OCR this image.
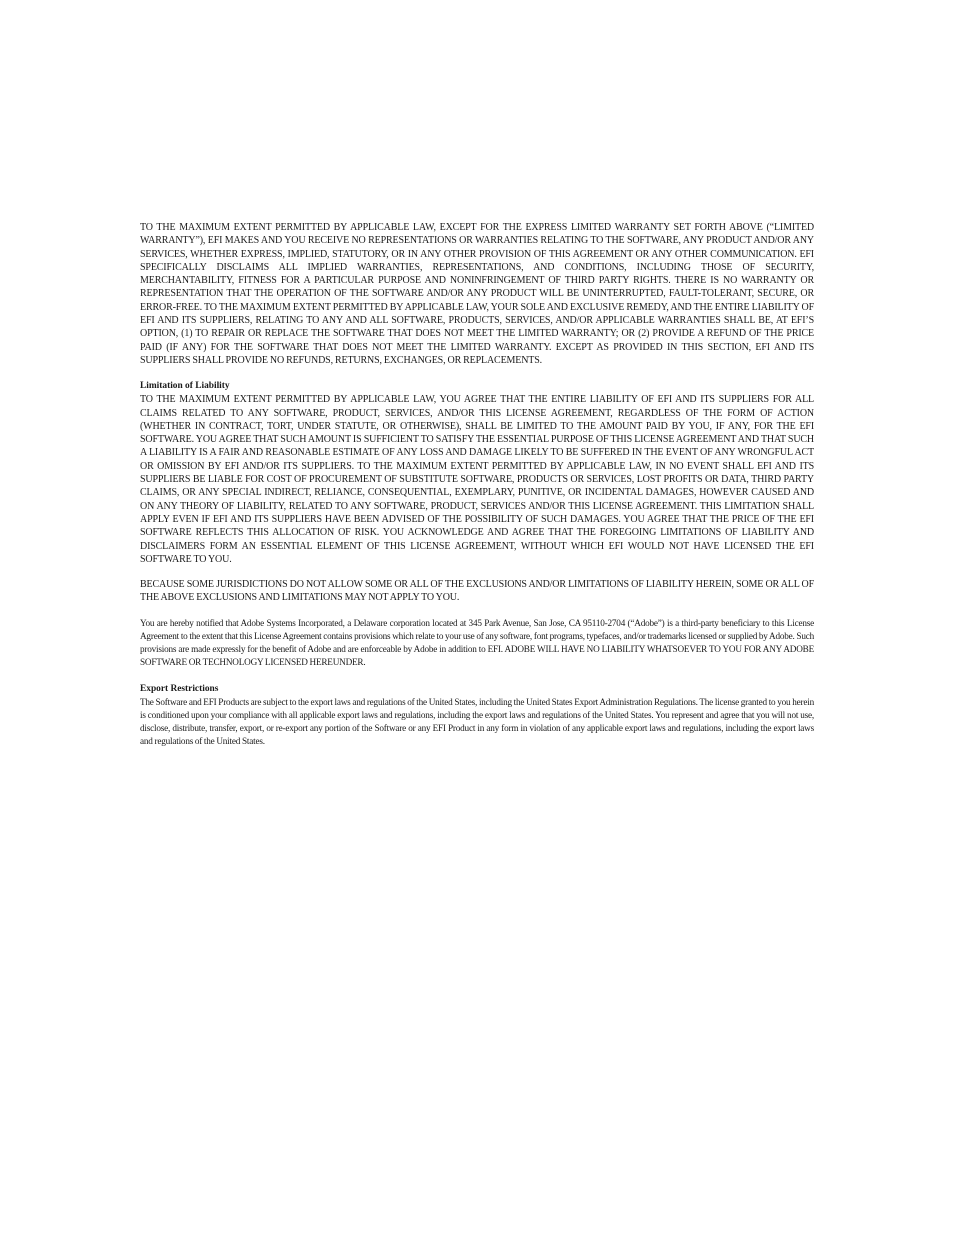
TO THE MAXIMUM EXTENT PERMITTED BY APPLICABLE LAW, EXCEPT FOR THE EXPRESS LIMITED WARRANTY SET FORTH ABOVE (“LIMITED WARRANTY”), EFI MAKES AND YOU RECEIVE NO REPRESENTATIONS OR WARRANTIES RELATING TO THE SOFTWARE, ANY PRODUCT AND/OR ANY SERVICES, WHETHER EXPRESS, IMPLIED, STATUTORY, OR IN ANY OTHER PROVISION OF THIS AGREEMENT OR ANY OTHER COMMUNICATION. EFI SPECIFICALLY DISCLAIMS ALL IMPLIED WARRANTIES, REPRESENTATIONS, AND CONDITIONS, INCLUDING THOSE OF SECURITY, MERCHANTABILITY, FITNESS FOR A PARTICULAR PURPOSE AND NONINFRINGEMENT OF THIRD PARTY RIGHTS. THERE IS NO WARRANTY OR REPRESENTATION THAT THE OPERATION OF THE SOFTWARE AND/OR ANY PRODUCT WILL BE UNINTERRUPTED, FAULT-TOLERANT, SECURE, OR ERROR-FREE. TO THE MAXIMUM EXTENT PERMITTED BY APPLICABLE LAW, YOUR SOLE AND EXCLUSIVE REMEDY, AND THE ENTIRE LIABILITY OF EFI AND ITS SUPPLIERS, RELATING TO ANY AND ALL SOFTWARE, PRODUCTS, SERVICES, AND/OR APPLICABLE WARRANTIES SHALL BE, AT EFI’S OPTION, (1) TO REPAIR OR REPLACE THE SOFTWARE THAT DOES NOT MEET THE LIMITED WARRANTY; OR (2) PROVIDE A REFUND OF THE PRICE PAID (IF ANY) FOR THE SOFTWARE THAT DOES NOT MEET THE LIMITED WARRANTY. EXCEPT AS PROVIDED IN THIS SECTION, EFI AND ITS SUPPLIERS SHALL PROVIDE NO REFUNDS, RETURNS, EXCHANGES, OR REPLACEMENTS.

Limitation of Liability

TO THE MAXIMUM EXTENT PERMITTED BY APPLICABLE LAW, YOU AGREE THAT THE ENTIRE LIABILITY OF EFI AND ITS SUPPLIERS FOR ALL CLAIMS RELATED TO ANY SOFTWARE, PRODUCT, SERVICES, AND/OR THIS LICENSE AGREEMENT, REGARDLESS OF THE FORM OF ACTION (WHETHER IN CONTRACT, TORT, UNDER STATUTE, OR OTHERWISE), SHALL BE LIMITED TO THE AMOUNT PAID BY YOU, IF ANY, FOR THE EFI SOFTWARE. YOU AGREE THAT SUCH AMOUNT IS SUFFICIENT TO SATISFY THE ESSENTIAL PURPOSE OF THIS LICENSE AGREEMENT AND THAT SUCH A LIABILITY IS A FAIR AND REASONABLE ESTIMATE OF ANY LOSS AND DAMAGE LIKELY TO BE SUFFERED IN THE EVENT OF ANY WRONGFUL ACT OR OMISSION BY EFI AND/OR ITS SUPPLIERS. TO THE MAXIMUM EXTENT PERMITTED BY APPLICABLE LAW, IN NO EVENT SHALL EFI AND ITS SUPPLIERS BE LIABLE FOR COST OF PROCUREMENT OF SUBSTITUTE SOFTWARE, PRODUCTS OR SERVICES, LOST PROFITS OR DATA, THIRD PARTY CLAIMS, OR ANY SPECIAL INDIRECT, RELIANCE, CONSEQUENTIAL, EXEMPLARY, PUNITIVE, OR INCIDENTAL DAMAGES, HOWEVER CAUSED AND ON ANY THEORY OF LIABILITY, RELATED TO ANY SOFTWARE, PRODUCT, SERVICES AND/OR THIS LICENSE AGREEMENT. THIS LIMITATION SHALL APPLY EVEN IF EFI AND ITS SUPPLIERS HAVE BEEN ADVISED OF THE POSSIBILITY OF SUCH DAMAGES. YOU AGREE THAT THE PRICE OF THE EFI SOFTWARE REFLECTS THIS ALLOCATION OF RISK. YOU ACKNOWLEDGE AND AGREE THAT THE FOREGOING LIMITATIONS OF LIABILITY AND DISCLAIMERS FORM AN ESSENTIAL ELEMENT OF THIS LICENSE AGREEMENT, WITHOUT WHICH EFI WOULD NOT HAVE LICENSED THE EFI SOFTWARE TO YOU.

BECAUSE SOME JURISDICTIONS DO NOT ALLOW SOME OR ALL OF THE EXCLUSIONS AND/OR LIMITATIONS OF LIABILITY HEREIN, SOME OR ALL OF THE ABOVE EXCLUSIONS AND LIMITATIONS MAY NOT APPLY TO YOU.

You are hereby notified that Adobe Systems Incorporated, a Delaware corporation located at 345 Park Avenue, San Jose, CA 95110-2704 (“Adobe”) is a third-party beneficiary to this License Agreement to the extent that this License Agreement contains provisions which relate to your use of any software, font programs, typefaces, and/or trademarks licensed or supplied by Adobe. Such provisions are made expressly for the benefit of Adobe and are enforceable by Adobe in addition to EFI. ADOBE WILL HAVE NO LIABILITY WHATSOEVER TO YOU FOR ANY ADOBE SOFTWARE OR TECHNOLOGY LICENSED HEREUNDER.

Export Restrictions

The Software and EFI Products are subject to the export laws and regulations of the United States, including the United States Export Administration Regulations. The license granted to you herein is conditioned upon your compliance with all applicable export laws and regulations, including the export laws and regulations of the United States. You represent and agree that you will not use, disclose, distribute, transfer, export, or re-export any portion of the Software or any EFI Product in any form in violation of any applicable export laws and regulations, including the export laws and regulations of the United States.
